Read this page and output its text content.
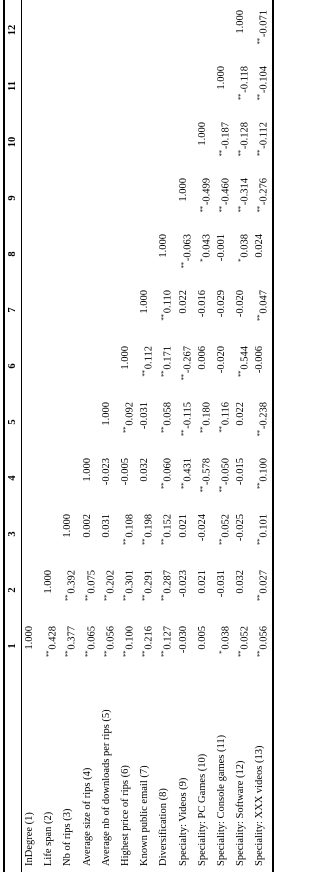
1
2
3
4
5
6
7
8
9
10
11
12
InDegree (1)
1.000
Life span (2)
**0.428
1.000
Nb of rips (3)
**0.377
**0.392
1.000
Average size of rips (4)
**0.065
**0.075
0.002
1.000
Average nb of downloads per rips (5)
**0.056
**0.202
0.031
-0.023
1.000
Highest price of rips (6)
**0.100
**0.301
**0.108
-0.005
**0.092
1.000
Known public email (7)
**0.216
**0.291
**0.198
0.032
-0.031
**0.112
1.000
Diversification (8)
**0.127
**0.287
**0.152
**0.060
**0.058
**0.171
**0.110
1.000
Specialty: Videos (9)
-0.030
-0.023
0.021
**0.431
**-0.115
**-0.267
0.022
**-0.063
1.000
Speciality: PC Games (10)
0.005
0.021
-0.024
**-0.578
**0.180
0.006
-0.016
*0.043
**-0.499
1.000
Speciality: Console games (11)
*0.038
-0.031
**0.052
**-0.050
**0.116
-0.020
-0.029
-0.001
**-0.460
**-0.187
1.000
Speciality: Software (12)
**0.052
0.032
-0.025
-0.015
0.022
**0.544
-0.020
*0.038
**-0.314
**-0.128
**-0.118
1.000
Speciality: XXX videos (13)
**0.056
**0.027
**0.101
**0.100
**-0.238
-0.006
**0.047
0.024
**-0.276
**-0.112
**-0.104
**-0.071
